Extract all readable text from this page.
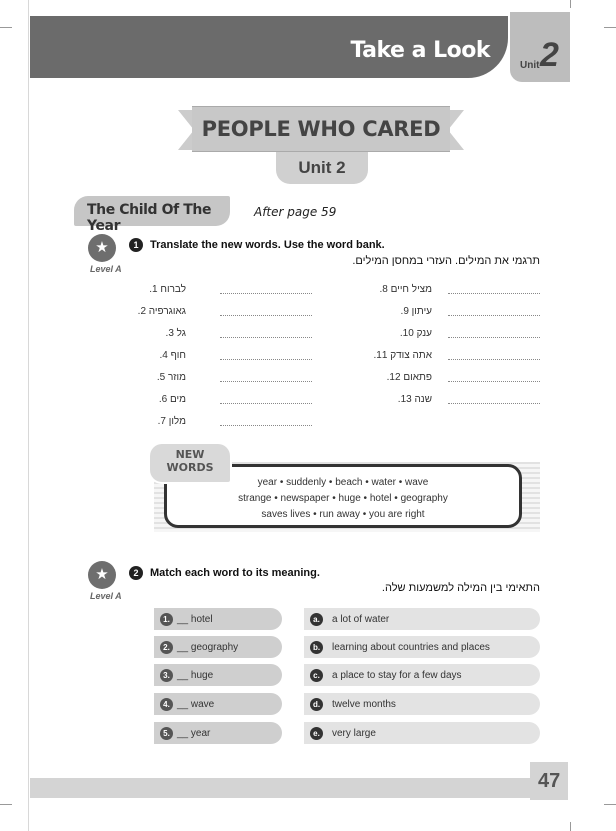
Take a Look
Unit 2
PEOPLE WHO CARED
Unit 2
The Child Of The Year
After page 59
★
Level A
1	Translate the new words. Use the word bank.
תרגמי את המילים. העזרי במחסן המילים.
לברוח 1.
גאוגרפיה 2.
גל 3.
חוף 4.
מוזר 5.
מים 6.
מלון 7.
מציל חיים 8.
עיתון 9.
ענק 10.
אתה צודק 11.
פתאום 12.
שנה 13.
NEW
WORDS
year • suddenly • beach • water • wave
strange • newspaper • huge • hotel • geography
saves lives • run away • you are right
★
Level A
2	Match each word to its meaning.
התאימי בין המילה למשמעות שלה.
1. __ hotel
2. __ geography
3. __ huge
4. __ wave
5. __ year
a. a lot of water
b. learning about countries and places
c. a place to stay for a few days
d. twelve months
e. very large
47
